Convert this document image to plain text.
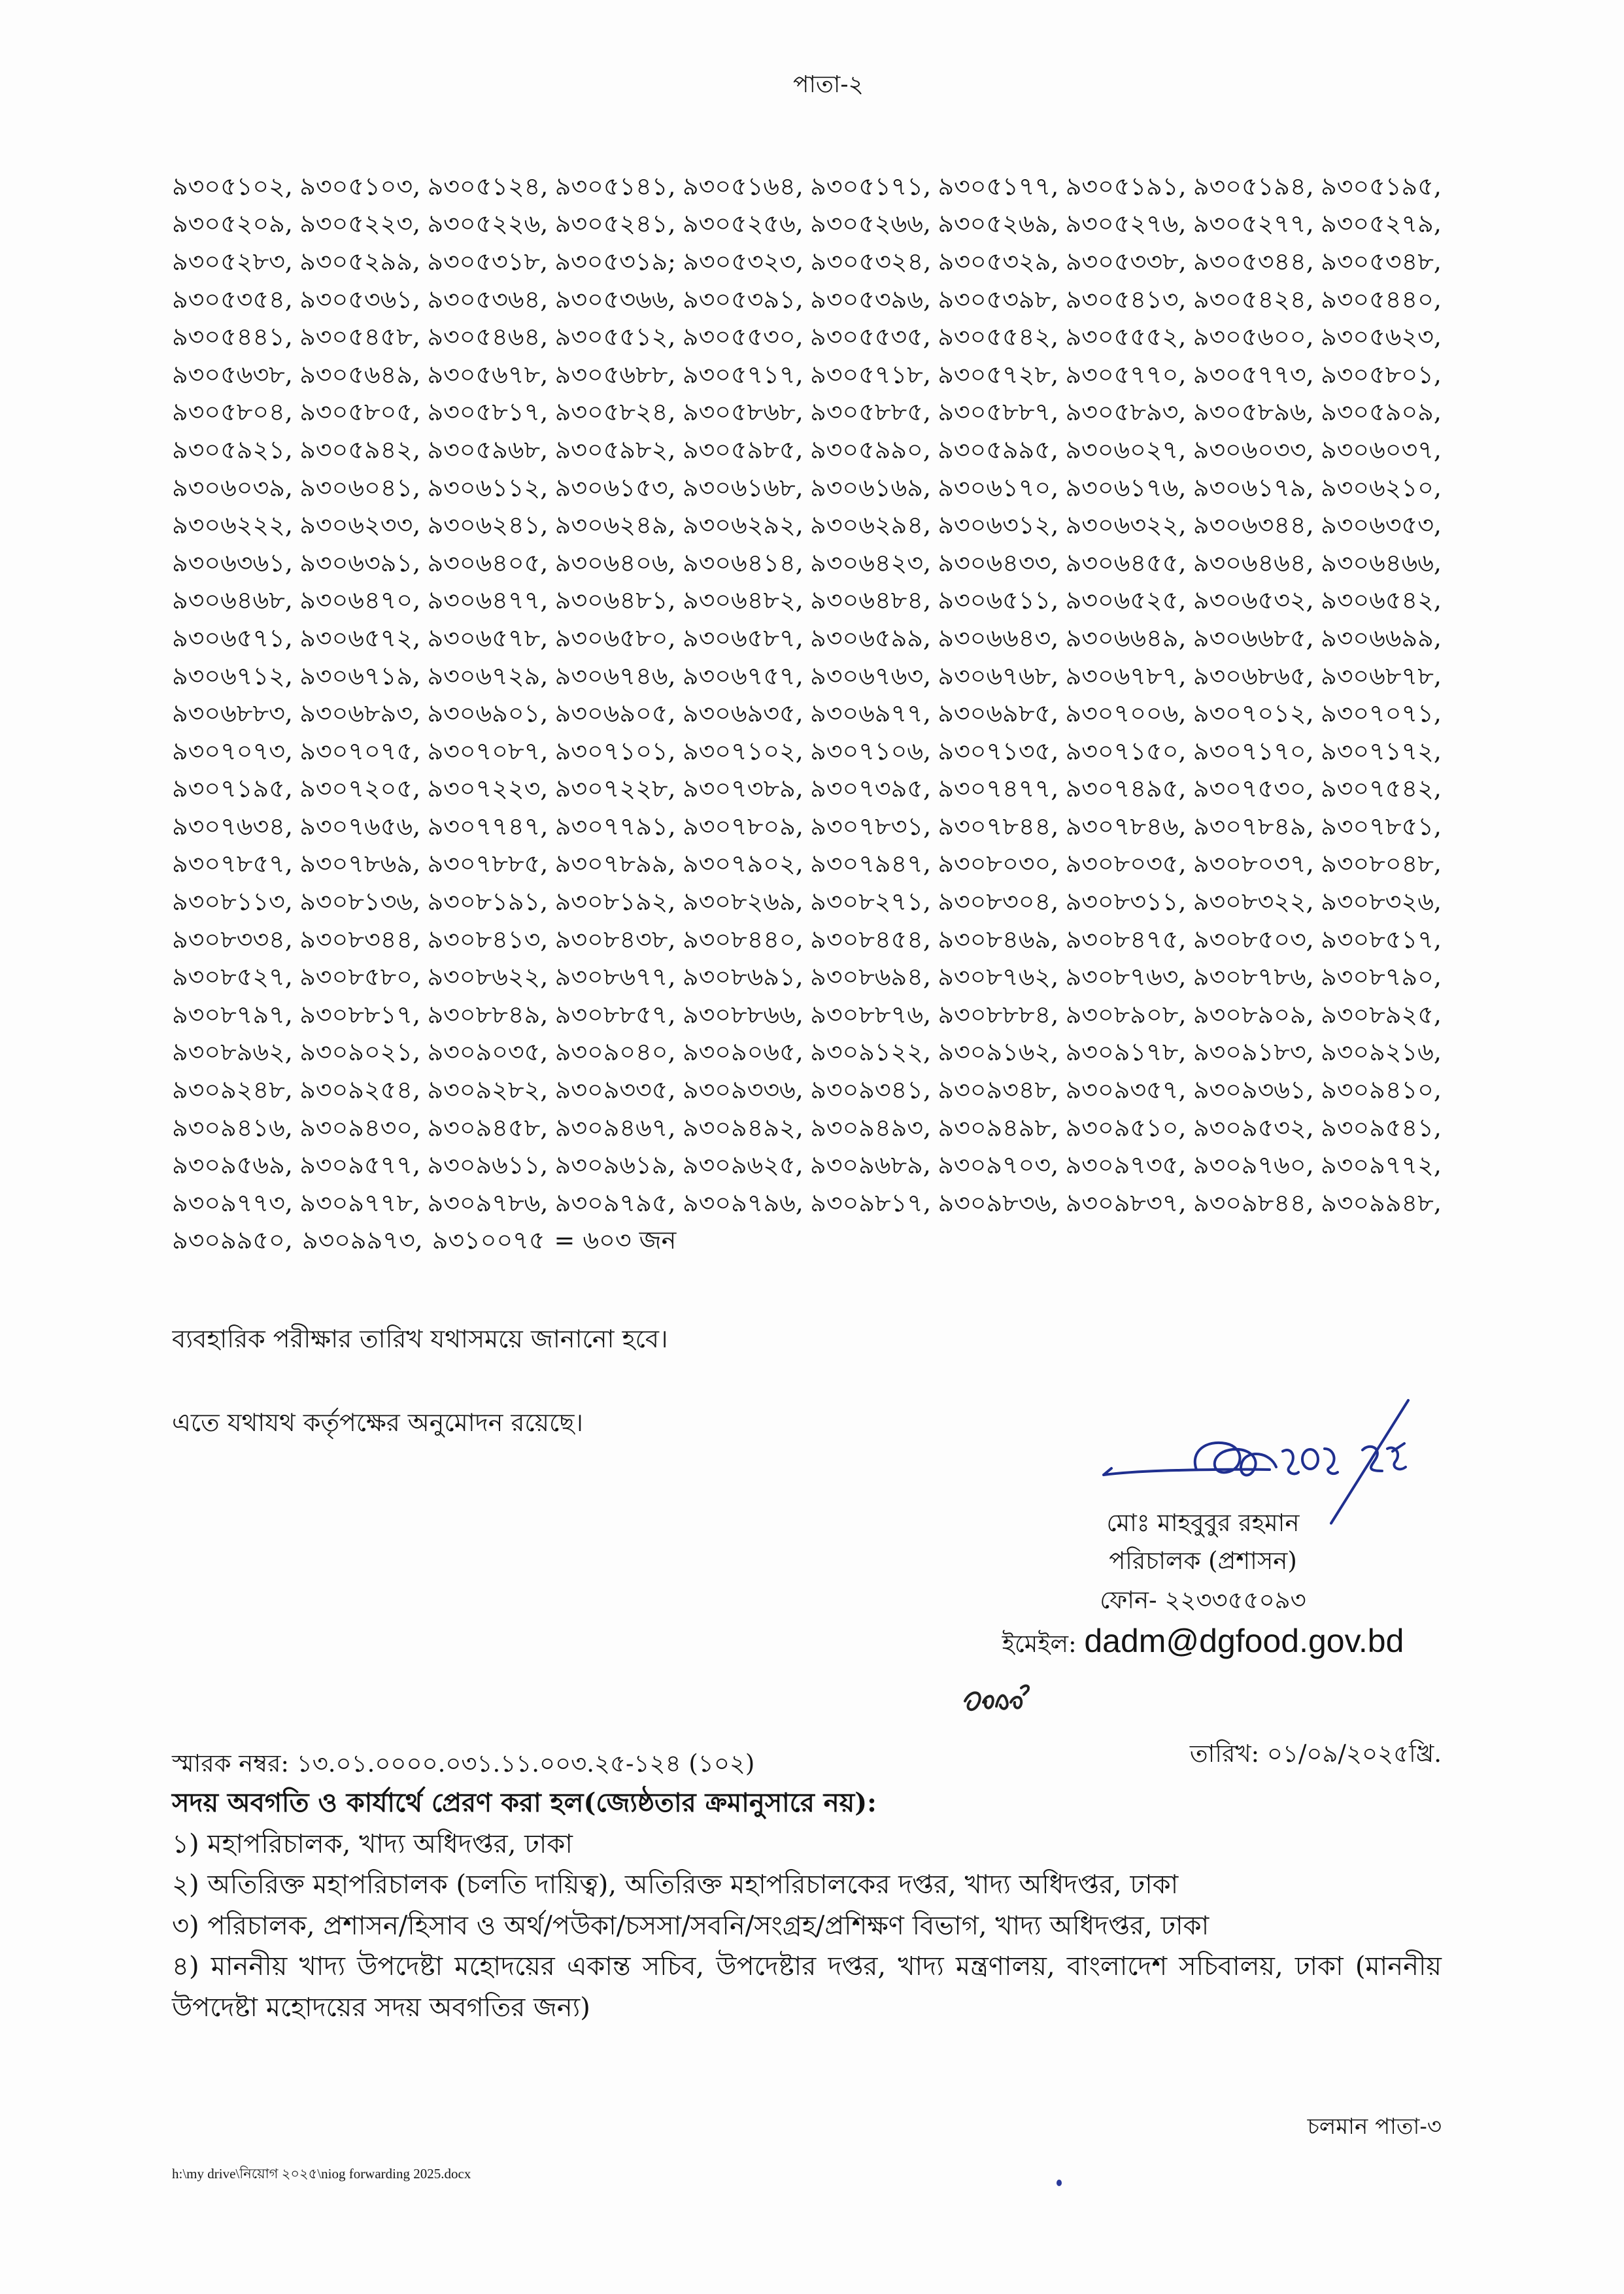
পাতা-২
৯৩০৫১০২, ৯৩০৫১০৩, ৯৩০৫১২৪, ৯৩০৫১৪১, ৯৩০৫১৬৪, ৯৩০৫১৭১, ৯৩০৫১৭৭, ৯৩০৫১৯১, ৯৩০৫১৯৪, ৯৩০৫১৯৫,
৯৩০৫২০৯, ৯৩০৫২২৩, ৯৩০৫২২৬, ৯৩০৫২৪১, ৯৩০৫২৫৬, ৯৩০৫২৬৬, ৯৩০৫২৬৯, ৯৩০৫২৭৬, ৯৩০৫২৭৭, ৯৩০৫২৭৯,
৯৩০৫২৮৩, ৯৩০৫২৯৯, ৯৩০৫৩১৮, ৯৩০৫৩১৯; ৯৩০৫৩২৩, ৯৩০৫৩২৪, ৯৩০৫৩২৯, ৯৩০৫৩৩৮, ৯৩০৫৩৪৪, ৯৩০৫৩৪৮,
৯৩০৫৩৫৪, ৯৩০৫৩৬১, ৯৩০৫৩৬৪, ৯৩০৫৩৬৬, ৯৩০৫৩৯১, ৯৩০৫৩৯৬, ৯৩০৫৩৯৮, ৯৩০৫৪১৩, ৯৩০৫৪২৪, ৯৩০৫৪৪০,
৯৩০৫৪৪১, ৯৩০৫৪৫৮, ৯৩০৫৪৬৪, ৯৩০৫৫১২, ৯৩০৫৫৩০, ৯৩০৫৫৩৫, ৯৩০৫৫৪২, ৯৩০৫৫৫২, ৯৩০৫৬০০, ৯৩০৫৬২৩,
৯৩০৫৬৩৮, ৯৩০৫৬৪৯, ৯৩০৫৬৭৮, ৯৩০৫৬৮৮, ৯৩০৫৭১৭, ৯৩০৫৭১৮, ৯৩০৫৭২৮, ৯৩০৫৭৭০, ৯৩০৫৭৭৩, ৯৩০৫৮০১,
৯৩০৫৮০৪, ৯৩০৫৮০৫, ৯৩০৫৮১৭, ৯৩০৫৮২৪, ৯৩০৫৮৬৮, ৯৩০৫৮৮৫, ৯৩০৫৮৮৭, ৯৩০৫৮৯৩, ৯৩০৫৮৯৬, ৯৩০৫৯০৯,
৯৩০৫৯২১, ৯৩০৫৯৪২, ৯৩০৫৯৬৮, ৯৩০৫৯৮২, ৯৩০৫৯৮৫, ৯৩০৫৯৯০, ৯৩০৫৯৯৫, ৯৩০৬০২৭, ৯৩০৬০৩৩, ৯৩০৬০৩৭,
৯৩০৬০৩৯, ৯৩০৬০৪১, ৯৩০৬১১২, ৯৩০৬১৫৩, ৯৩০৬১৬৮, ৯৩০৬১৬৯, ৯৩০৬১৭০, ৯৩০৬১৭৬, ৯৩০৬১৭৯, ৯৩০৬২১০,
৯৩০৬২২২, ৯৩০৬২৩৩, ৯৩০৬২৪১, ৯৩০৬২৪৯, ৯৩০৬২৯২, ৯৩০৬২৯৪, ৯৩০৬৩১২, ৯৩০৬৩২২, ৯৩০৬৩৪৪, ৯৩০৬৩৫৩,
৯৩০৬৩৬১, ৯৩০৬৩৯১, ৯৩০৬৪০৫, ৯৩০৬৪০৬, ৯৩০৬৪১৪, ৯৩০৬৪২৩, ৯৩০৬৪৩৩, ৯৩০৬৪৫৫, ৯৩০৬৪৬৪, ৯৩০৬৪৬৬,
৯৩০৬৪৬৮, ৯৩০৬৪৭০, ৯৩০৬৪৭৭, ৯৩০৬৪৮১, ৯৩০৬৪৮২, ৯৩০৬৪৮৪, ৯৩০৬৫১১, ৯৩০৬৫২৫, ৯৩০৬৫৩২, ৯৩০৬৫৪২,
৯৩০৬৫৭১, ৯৩০৬৫৭২, ৯৩০৬৫৭৮, ৯৩০৬৫৮০, ৯৩০৬৫৮৭, ৯৩০৬৫৯৯, ৯৩০৬৬৪৩, ৯৩০৬৬৪৯, ৯৩০৬৬৮৫, ৯৩০৬৬৯৯,
৯৩০৬৭১২, ৯৩০৬৭১৯, ৯৩০৬৭২৯, ৯৩০৬৭৪৬, ৯৩০৬৭৫৭, ৯৩০৬৭৬৩, ৯৩০৬৭৬৮, ৯৩০৬৭৮৭, ৯৩০৬৮৬৫, ৯৩০৬৮৭৮,
৯৩০৬৮৮৩, ৯৩০৬৮৯৩, ৯৩০৬৯০১, ৯৩০৬৯০৫, ৯৩০৬৯৩৫, ৯৩০৬৯৭৭, ৯৩০৬৯৮৫, ৯৩০৭০০৬, ৯৩০৭০১২, ৯৩০৭০৭১,
৯৩০৭০৭৩, ৯৩০৭০৭৫, ৯৩০৭০৮৭, ৯৩০৭১০১, ৯৩০৭১০২, ৯৩০৭১০৬, ৯৩০৭১৩৫, ৯৩০৭১৫০, ৯৩০৭১৭০, ৯৩০৭১৭২,
৯৩০৭১৯৫, ৯৩০৭২০৫, ৯৩০৭২২৩, ৯৩০৭২২৮, ৯৩০৭৩৮৯, ৯৩০৭৩৯৫, ৯৩০৭৪৭৭, ৯৩০৭৪৯৫, ৯৩০৭৫৩০, ৯৩০৭৫৪২,
৯৩০৭৬৩৪, ৯৩০৭৬৫৬, ৯৩০৭৭৪৭, ৯৩০৭৭৯১, ৯৩০৭৮০৯, ৯৩০৭৮৩১, ৯৩০৭৮৪৪, ৯৩০৭৮৪৬, ৯৩০৭৮৪৯, ৯৩০৭৮৫১,
৯৩০৭৮৫৭, ৯৩০৭৮৬৯, ৯৩০৭৮৮৫, ৯৩০৭৮৯৯, ৯৩০৭৯০২, ৯৩০৭৯৪৭, ৯৩০৮০৩০, ৯৩০৮০৩৫, ৯৩০৮০৩৭, ৯৩০৮০৪৮,
৯৩০৮১১৩, ৯৩০৮১৩৬, ৯৩০৮১৯১, ৯৩০৮১৯২, ৯৩০৮২৬৯, ৯৩০৮২৭১, ৯৩০৮৩০৪, ৯৩০৮৩১১, ৯৩০৮৩২২, ৯৩০৮৩২৬,
৯৩০৮৩৩৪, ৯৩০৮৩৪৪, ৯৩০৮৪১৩, ৯৩০৮৪৩৮, ৯৩০৮৪৪০, ৯৩০৮৪৫৪, ৯৩০৮৪৬৯, ৯৩০৮৪৭৫, ৯৩০৮৫০৩, ৯৩০৮৫১৭,
৯৩০৮৫২৭, ৯৩০৮৫৮০, ৯৩০৮৬২২, ৯৩০৮৬৭৭, ৯৩০৮৬৯১, ৯৩০৮৬৯৪, ৯৩০৮৭৬২, ৯৩০৮৭৬৩, ৯৩০৮৭৮৬, ৯৩০৮৭৯০,
৯৩০৮৭৯৭, ৯৩০৮৮১৭, ৯৩০৮৮৪৯, ৯৩০৮৮৫৭, ৯৩০৮৮৬৬, ৯৩০৮৮৭৬, ৯৩০৮৮৮৪, ৯৩০৮৯০৮, ৯৩০৮৯০৯, ৯৩০৮৯২৫,
৯৩০৮৯৬২, ৯৩০৯০২১, ৯৩০৯০৩৫, ৯৩০৯০৪০, ৯৩০৯০৬৫, ৯৩০৯১২২, ৯৩০৯১৬২, ৯৩০৯১৭৮, ৯৩০৯১৮৩, ৯৩০৯২১৬,
৯৩০৯২৪৮, ৯৩০৯২৫৪, ৯৩০৯২৮২, ৯৩০৯৩৩৫, ৯৩০৯৩৩৬, ৯৩০৯৩৪১, ৯৩০৯৩৪৮, ৯৩০৯৩৫৭, ৯৩০৯৩৬১, ৯৩০৯৪১০,
৯৩০৯৪১৬, ৯৩০৯৪৩০, ৯৩০৯৪৫৮, ৯৩০৯৪৬৭, ৯৩০৯৪৯২, ৯৩০৯৪৯৩, ৯৩০৯৪৯৮, ৯৩০৯৫১০, ৯৩০৯৫৩২, ৯৩০৯৫৪১,
৯৩০৯৫৬৯, ৯৩০৯৫৭৭, ৯৩০৯৬১১, ৯৩০৯৬১৯, ৯৩০৯৬২৫, ৯৩০৯৬৮৯, ৯৩০৯৭০৩, ৯৩০৯৭৩৫, ৯৩০৯৭৬০, ৯৩০৯৭৭২,
৯৩০৯৭৭৩, ৯৩০৯৭৭৮, ৯৩০৯৭৮৬, ৯৩০৯৭৯৫, ৯৩০৯৭৯৬, ৯৩০৯৮১৭, ৯৩০৯৮৩৬, ৯৩০৯৮৩৭, ৯৩০৯৮৪৪, ৯৩০৯৯৪৮,
৯৩০৯৯৫০, ৯৩০৯৯৭৩, ৯৩১০০৭৫ = ৬০৩ জন
ব্যবহারিক পরীক্ষার তারিখ যথাসময়ে জানানো হবে।
এতে যথাযথ কর্তৃপক্ষের অনুমোদন রয়েছে।
মোঃ মাহবুবুর রহমান
পরিচালক (প্রশাসন)
ফোন- ২২৩৩৫৫০৯৩
ইমেইল: dadm@dgfood.gov.bd
স্মারক নম্বর: ১৩.০১.০০০০.০৩১.১১.০০৩.২৫-১২৪ (১০২)	তারিখ: ০১/০৯/২০২৫খ্রি.
সদয় অবগতি ও কার্যার্থে প্রেরণ করা হল(জ্যেষ্ঠতার ক্রমানুসারে নয়):
১) মহাপরিচালক, খাদ্য অধিদপ্তর, ঢাকা
২) অতিরিক্ত মহাপরিচালক (চলতি দায়িত্ব), অতিরিক্ত মহাপরিচালকের দপ্তর, খাদ্য অধিদপ্তর, ঢাকা
৩) পরিচালক, প্রশাসন/হিসাব ও অর্থ/পউকা/চসসা/সবনি/সংগ্রহ/প্রশিক্ষণ বিভাগ, খাদ্য অধিদপ্তর, ঢাকা
৪) মাননীয় খাদ্য উপদেষ্টা মহোদয়ের একান্ত সচিব, উপদেষ্টার দপ্তর, খাদ্য মন্ত্রণালয়, বাংলাদেশ সচিবালয়, ঢাকা (মাননীয় উপদেষ্টা মহোদয়ের সদয় অবগতির জন্য)
চলমান পাতা-৩
h:\my drive\নিয়োগ ২০২৫\niog forwarding 2025.docx
